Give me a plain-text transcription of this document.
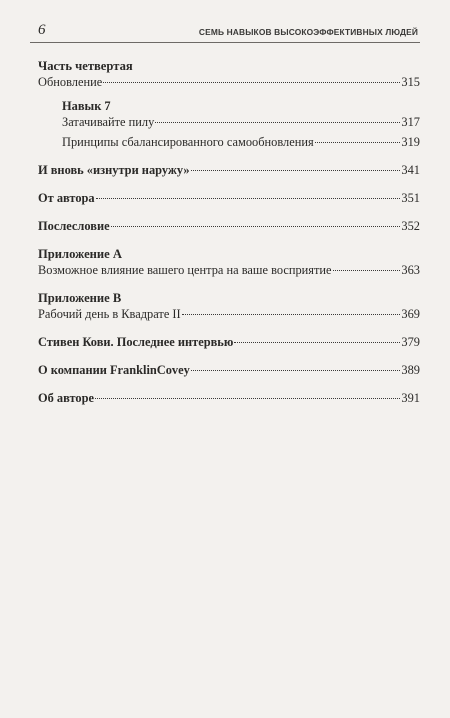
6	СЕМЬ НАВЫКОВ ВЫСОКОЭФФЕКТИВНЫХ ЛЮДЕЙ
Часть четвертая
Обновление	315
Навык 7
Затачивайте пилу	317
Принципы сбалансированного самообновления	319
И вновь «изнутри наружу»	341
От автора	351
Послесловие	352
Приложение А
Возможное влияние вашего центра на ваше восприятие	363
Приложение В
Рабочий день в Квадрате II	369
Стивен Кови. Последнее интервью	379
О компании FranklinCovey	389
Об авторе	391
